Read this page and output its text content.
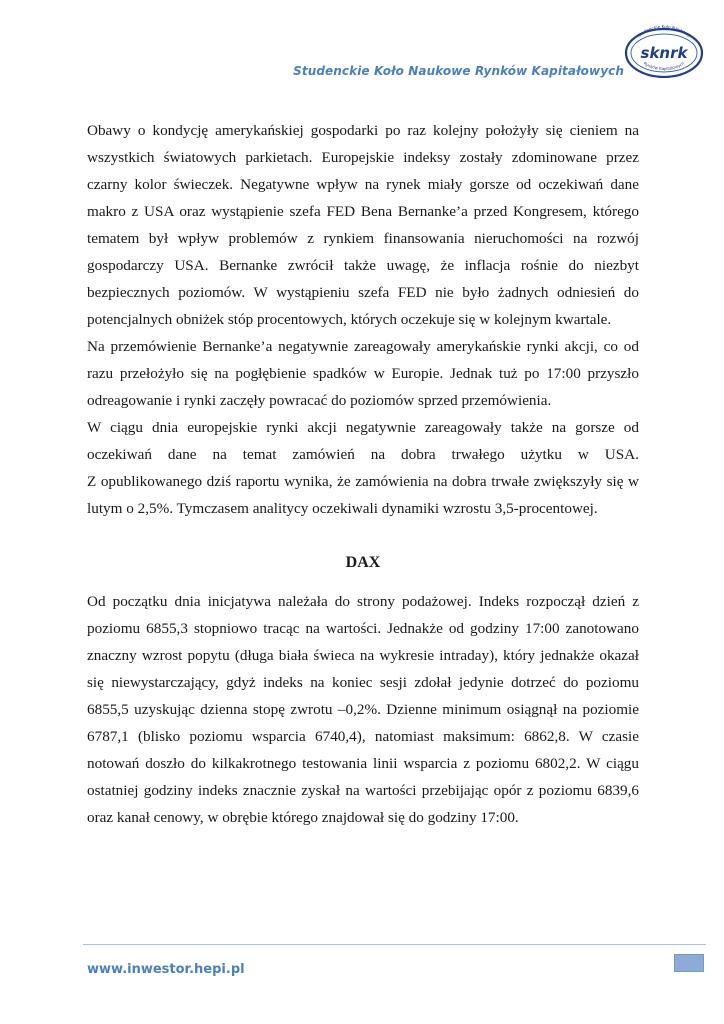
Studenckie Koło Naukowe
sknrk
Rynków Kapitałowych
Studenckie Koło Naukowe Rynków Kapitałowych

Obawy o kondycję amerykańskiej gospodarki po raz kolejny położyły się cieniem na wszystkich światowych parkietach. Europejskie indeksy zostały zdominowane przez czarny kolor świeczek. Negatywne wpływ na rynek miały gorsze od oczekiwań dane makro z USA oraz wystąpienie szefa FED Bena Bernanke’a przed Kongresem, którego tematem był wpływ problemów z rynkiem finansowania nieruchomości na rozwój gospodarczy USA. Bernanke zwrócił także uwagę, że inflacja rośnie do niezbyt bezpiecznych poziomów. W wystąpieniu szefa FED nie było żadnych odniesień do potencjalnych obniżek stóp procentowych, których oczekuje się w kolejnym kwartale.

Na przemówienie Bernanke’a negatywnie zareagowały amerykańskie rynki akcji, co od razu przełożyło się na pogłębienie spadków w Europie. Jednak tuż po 17:00 przyszło odreagowanie i rynki zaczęły powracać do poziomów sprzed przemówienia.

W ciągu dnia europejskie rynki akcji negatywnie zareagowały także na gorsze od oczekiwań dane na temat zamówień na dobra trwałego użytku w USA.

Z opublikowanego dziś raportu wynika, że zamówienia na dobra trwałe zwiększyły się w lutym o 2,5%. Tymczasem analitycy oczekiwali dynamiki wzrostu 3,5-procentowej.

DAX

Od początku dnia inicjatywa należała do strony podażowej. Indeks rozpoczął dzień z poziomu 6855,3 stopniowo tracąc na wartości. Jednakże od godziny 17:00 zanotowano znaczny wzrost popytu (długa biała świeca na wykresie intraday), który jednakże okazał się niewystarczający, gdyż indeks na koniec sesji zdołał jedynie dotrzeć do poziomu 6855,5 uzyskując dzienna stopę zwrotu –0,2%. Dzienne minimum osiągnął na poziomie 6787,1 (blisko poziomu wsparcia 6740,4), natomiast maksimum: 6862,8. W czasie notowań doszło do kilkakrotnego testowania linii wsparcia z poziomu 6802,2. W ciągu ostatniej godziny indeks znacznie zyskał na wartości przebijając opór z poziomu 6839,6 oraz kanał cenowy, w obrębie którego znajdował się do godziny 17:00.

www.inwestor.hepi.pl	17
